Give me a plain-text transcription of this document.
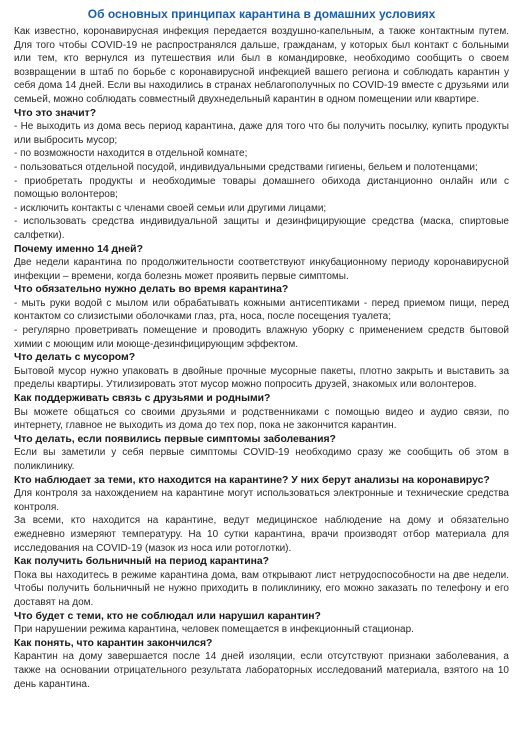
Об основных принципах карантина в домашних условиях

Как известно, коронавирусная инфекция передается воздушно-капельным, а также контактным путем. Для того чтобы COVID-19 не распространялся дальше, гражданам, у которых был контакт с больными или тем, кто вернулся из путешествия или был в командировке, необходимо сообщить о своем возвращении в штаб по борьбе с коронавирусной инфекцией вашего региона и соблюдать карантин у себя дома 14 дней. Если вы находились в странах неблагополучных по COVID-19 вместе с друзьями или семьей, можно соблюдать совместный двухнедельный карантин в одном помещении или квартире.

Что это значит?

- Не выходить из дома весь период карантина, даже для того что бы получить посылку, купить продукты или выбросить мусор;

- по возможности находится в отдельной комнате;

- пользоваться отдельной посудой, индивидуальными средствами гигиены, бельем и полотенцами;

- приобретать продукты и необходимые товары домашнего обихода дистанционно онлайн или с помощью волонтеров;

- исключить контакты с членами своей семьи или другими лицами;

- использовать средства индивидуальной защиты и дезинфицирующие средства (маска, спиртовые салфетки).

Почему именно 14 дней?

Две недели карантина по продолжительности соответствуют инкубационному периоду коронавирусной инфекции – времени, когда болезнь может проявить первые симптомы.

Что обязательно нужно делать во время карантина?

- мыть руки водой с мылом или обрабатывать кожными антисептиками - перед приемом пищи, перед контактом со слизистыми оболочками глаз, рта, носа, после посещения туалета;

- регулярно проветривать помещение и проводить влажную уборку с применением средств бытовой химии с моющим или моюще-дезинфицирующим эффектом.

Что делать с мусором?

Бытовой мусор нужно упаковать в двойные прочные мусорные пакеты, плотно закрыть и выставить за пределы квартиры. Утилизировать этот мусор можно попросить друзей, знакомых или волонтеров.

Как поддерживать связь с друзьями и родными?

Вы можете общаться со своими друзьями и родственниками с помощью видео и аудио связи, по интернету, главное не выходить из дома до тех пор, пока не закончится карантин.

Что делать, если появились первые симптомы заболевания?

Если вы заметили у себя первые симптомы COVID-19 необходимо сразу же сообщить об этом в поликлинику.

Кто наблюдает за теми, кто находится на карантине? У них берут анализы на коронавирус?

Для контроля за нахождением на карантине могут использоваться электронные и технические средства контроля.

За всеми, кто находится на карантине, ведут медицинское наблюдение на дому и обязательно ежедневно измеряют температуру. На 10 сутки карантина, врачи производят отбор материала для исследования на COVID-19 (мазок из носа или ротоглотки).

Как получить больничный на период карантина?

Пока вы находитесь в режиме карантина дома, вам открывают лист нетрудоспособности на две недели. Чтобы получить больничный не нужно приходить в поликлинику, его можно заказать по телефону и его доставят на дом.

Что будет с теми, кто не соблюдал или нарушил карантин?

При нарушении режима карантина, человек помещается в инфекционный стационар.

Как понять, что карантин закончился?

Карантин на дому завершается после 14 дней изоляции, если отсутствуют признаки заболевания, а также на основании отрицательного результата лабораторных исследований материала, взятого на 10 день карантина.
